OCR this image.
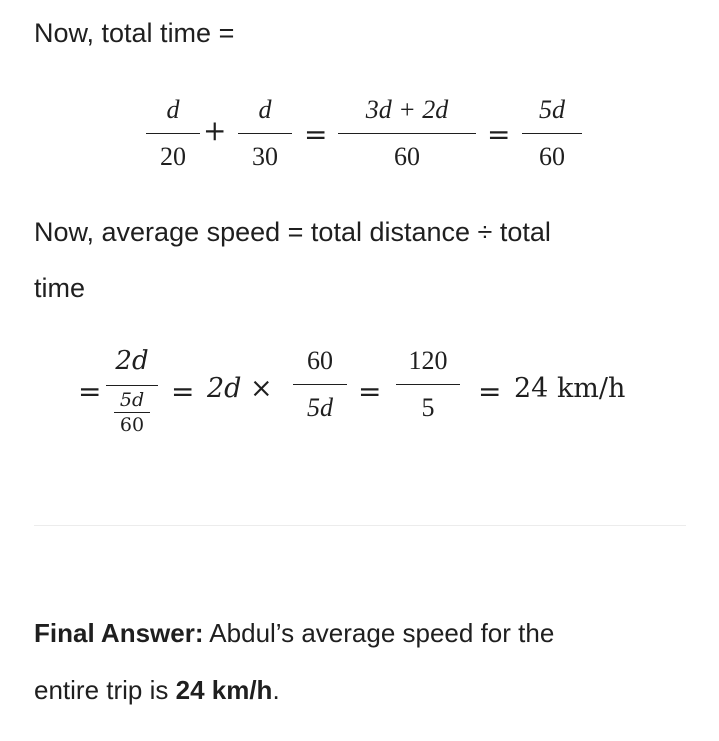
Now, total time =
d
20
+
d
30
=
3d + 2d
60
=
5d
60
Now, average speed = total distance ÷ total
time
=
2d
$\frac{5d}{60} = 2d$ ×
60
5d =
120
5	= 24 km/h
Final Answer: Abdul’s average speed for the
entire trip is 24 km/h.
